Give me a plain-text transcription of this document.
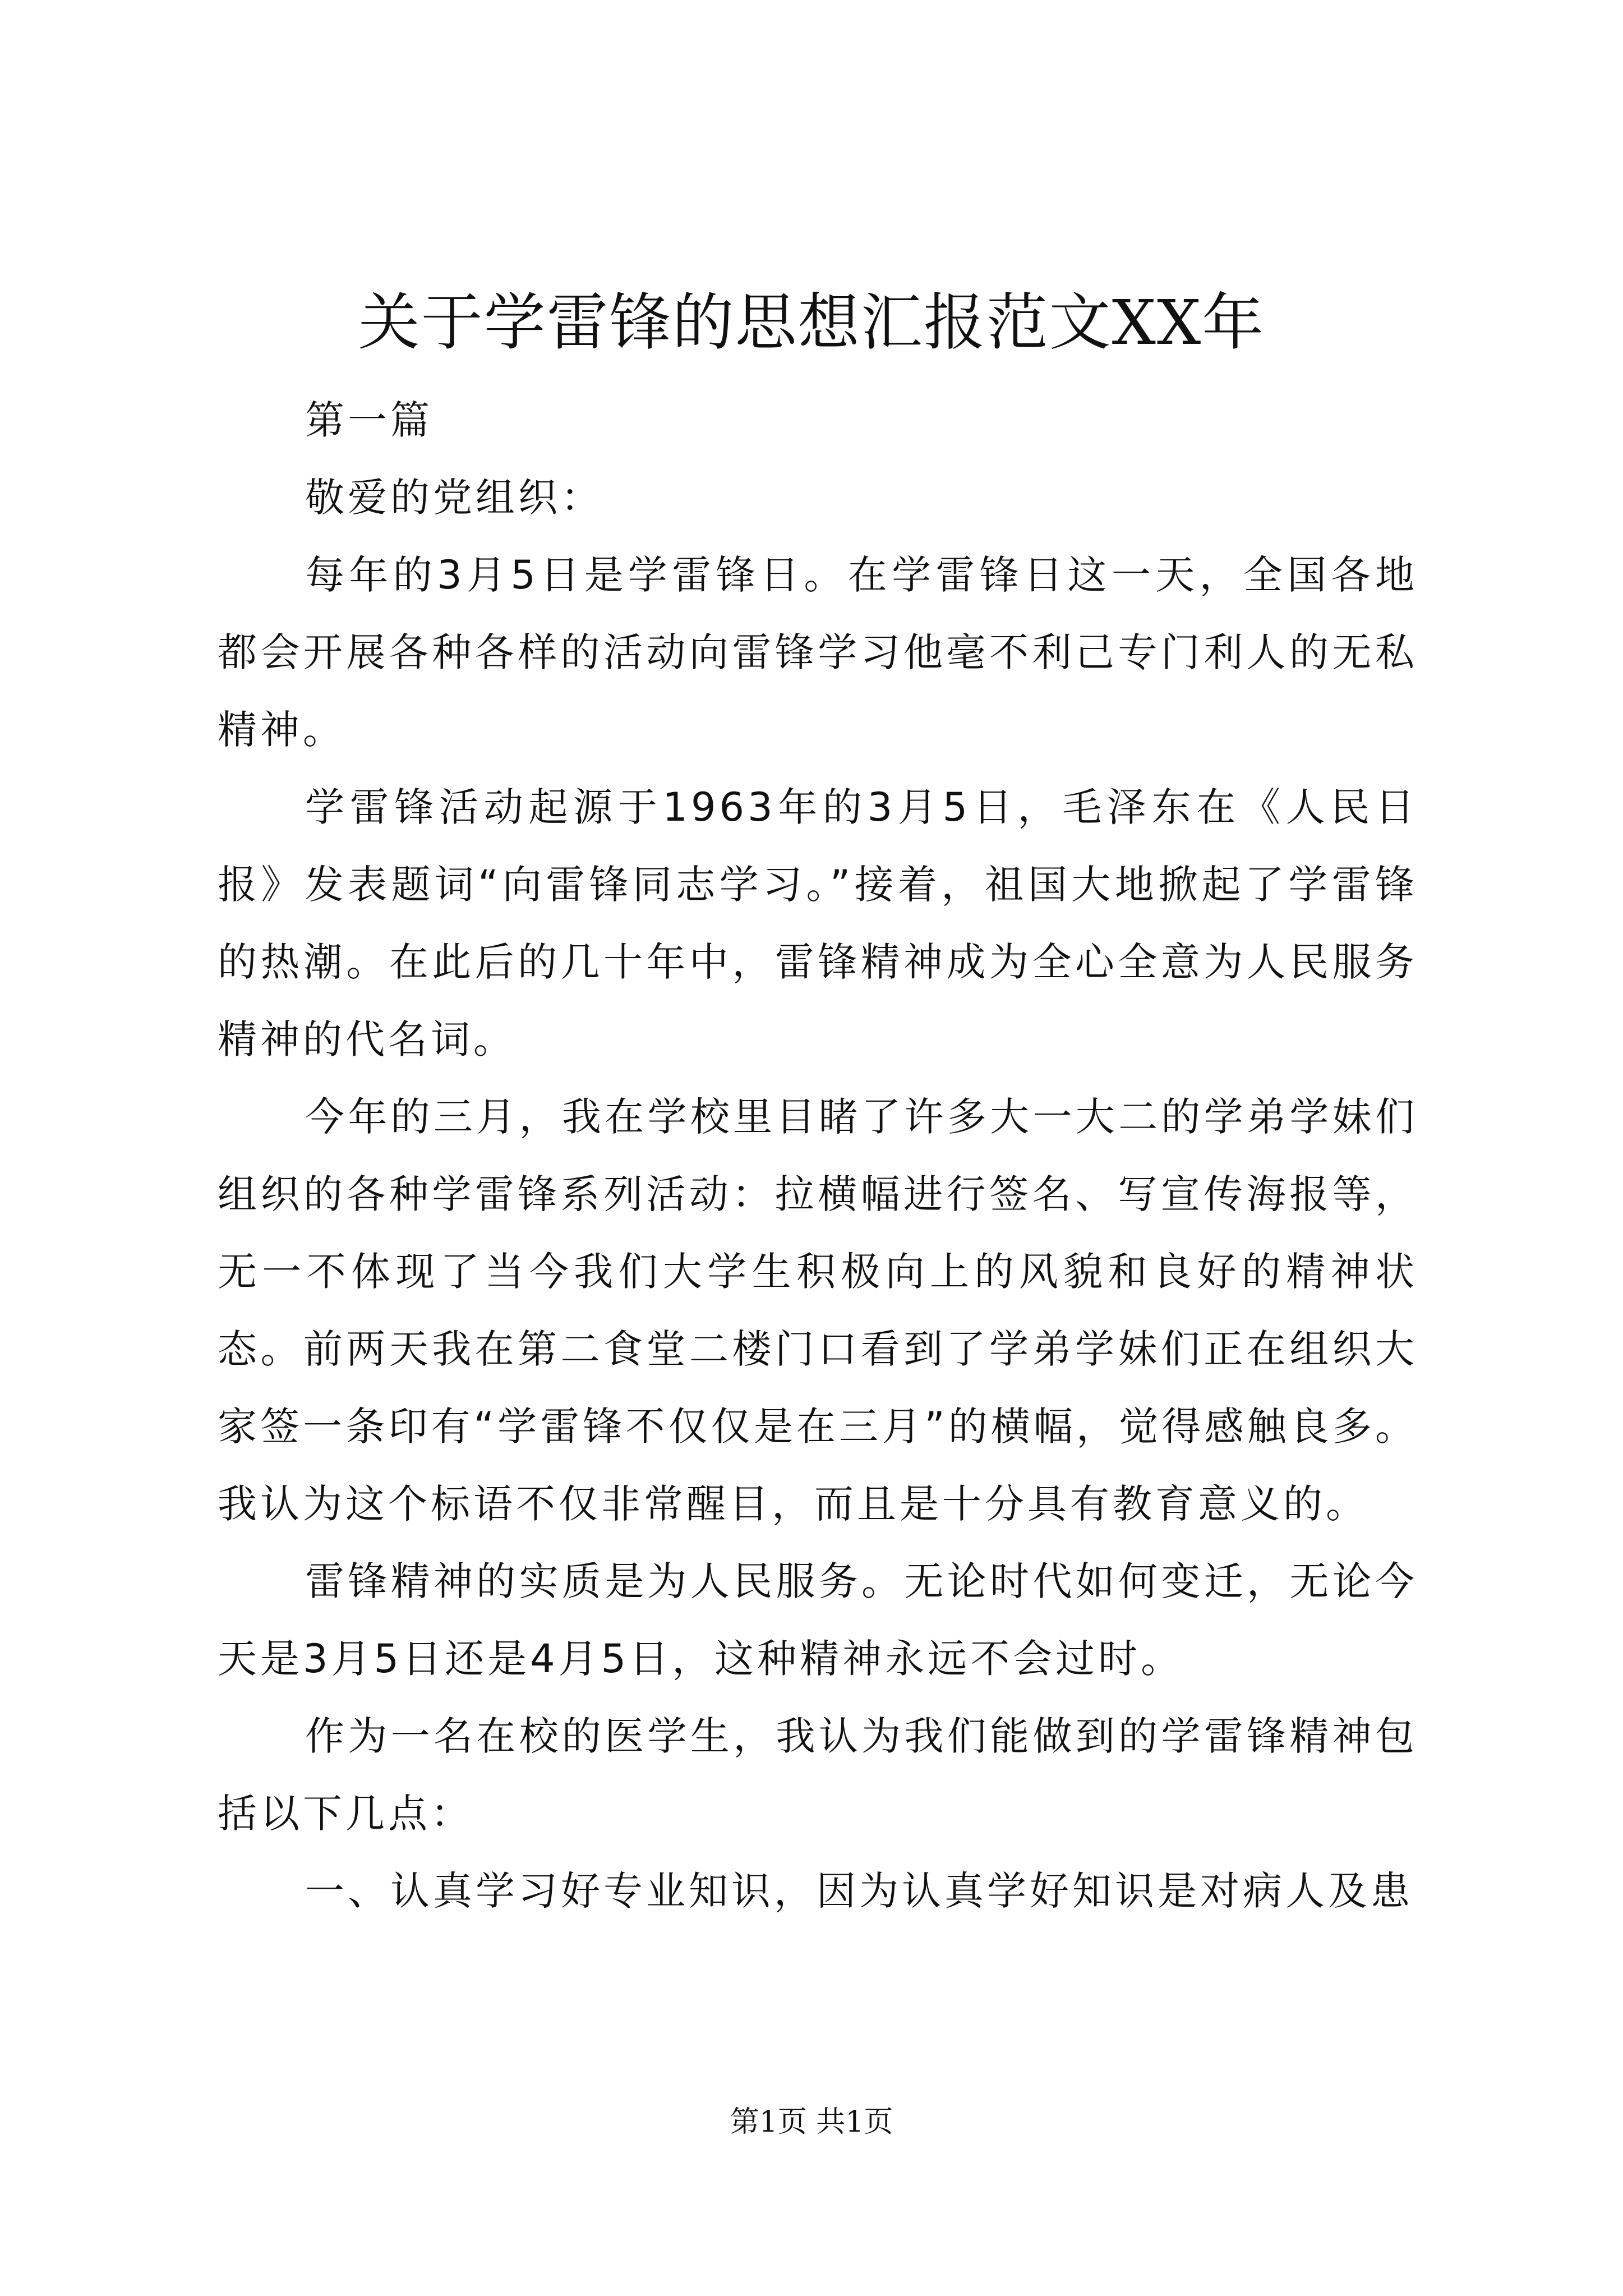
关于学雷锋的思想汇报范文XX年

第一篇

敬爱的党组织：

每年的3月5日是学雷锋日。在学雷锋日这一天，全国各地都会开展各种各样的活动向雷锋学习他毫不利己专门利人的无私精神。

学雷锋活动起源于1963年的3月5日，毛泽东在《人民日报》发表题词“向雷锋同志学习。”接着，祖国大地掀起了学雷锋的热潮。在此后的几十年中，雷锋精神成为全心全意为人民服务精神的代名词。

今年的三月，我在学校里目睹了许多大一大二的学弟学妹们组织的各种学雷锋系列活动：拉横幅进行签名、写宣传海报等，无一不体现了当今我们大学生积极向上的风貌和良好的精神状态。前两天我在第二食堂二楼门口看到了学弟学妹们正在组织大家签一条印有“学雷锋不仅仅是在三月”的横幅，觉得感触良多。我认为这个标语不仅非常醒目，而且是十分具有教育意义的。

雷锋精神的实质是为人民服务。无论时代如何变迁，无论今天是3月5日还是4月5日，这种精神永远不会过时。

作为一名在校的医学生，我认为我们能做到的学雷锋精神包括以下几点：

一、认真学习好专业知识，因为认真学好知识是对病人及患

第1页 共1页
